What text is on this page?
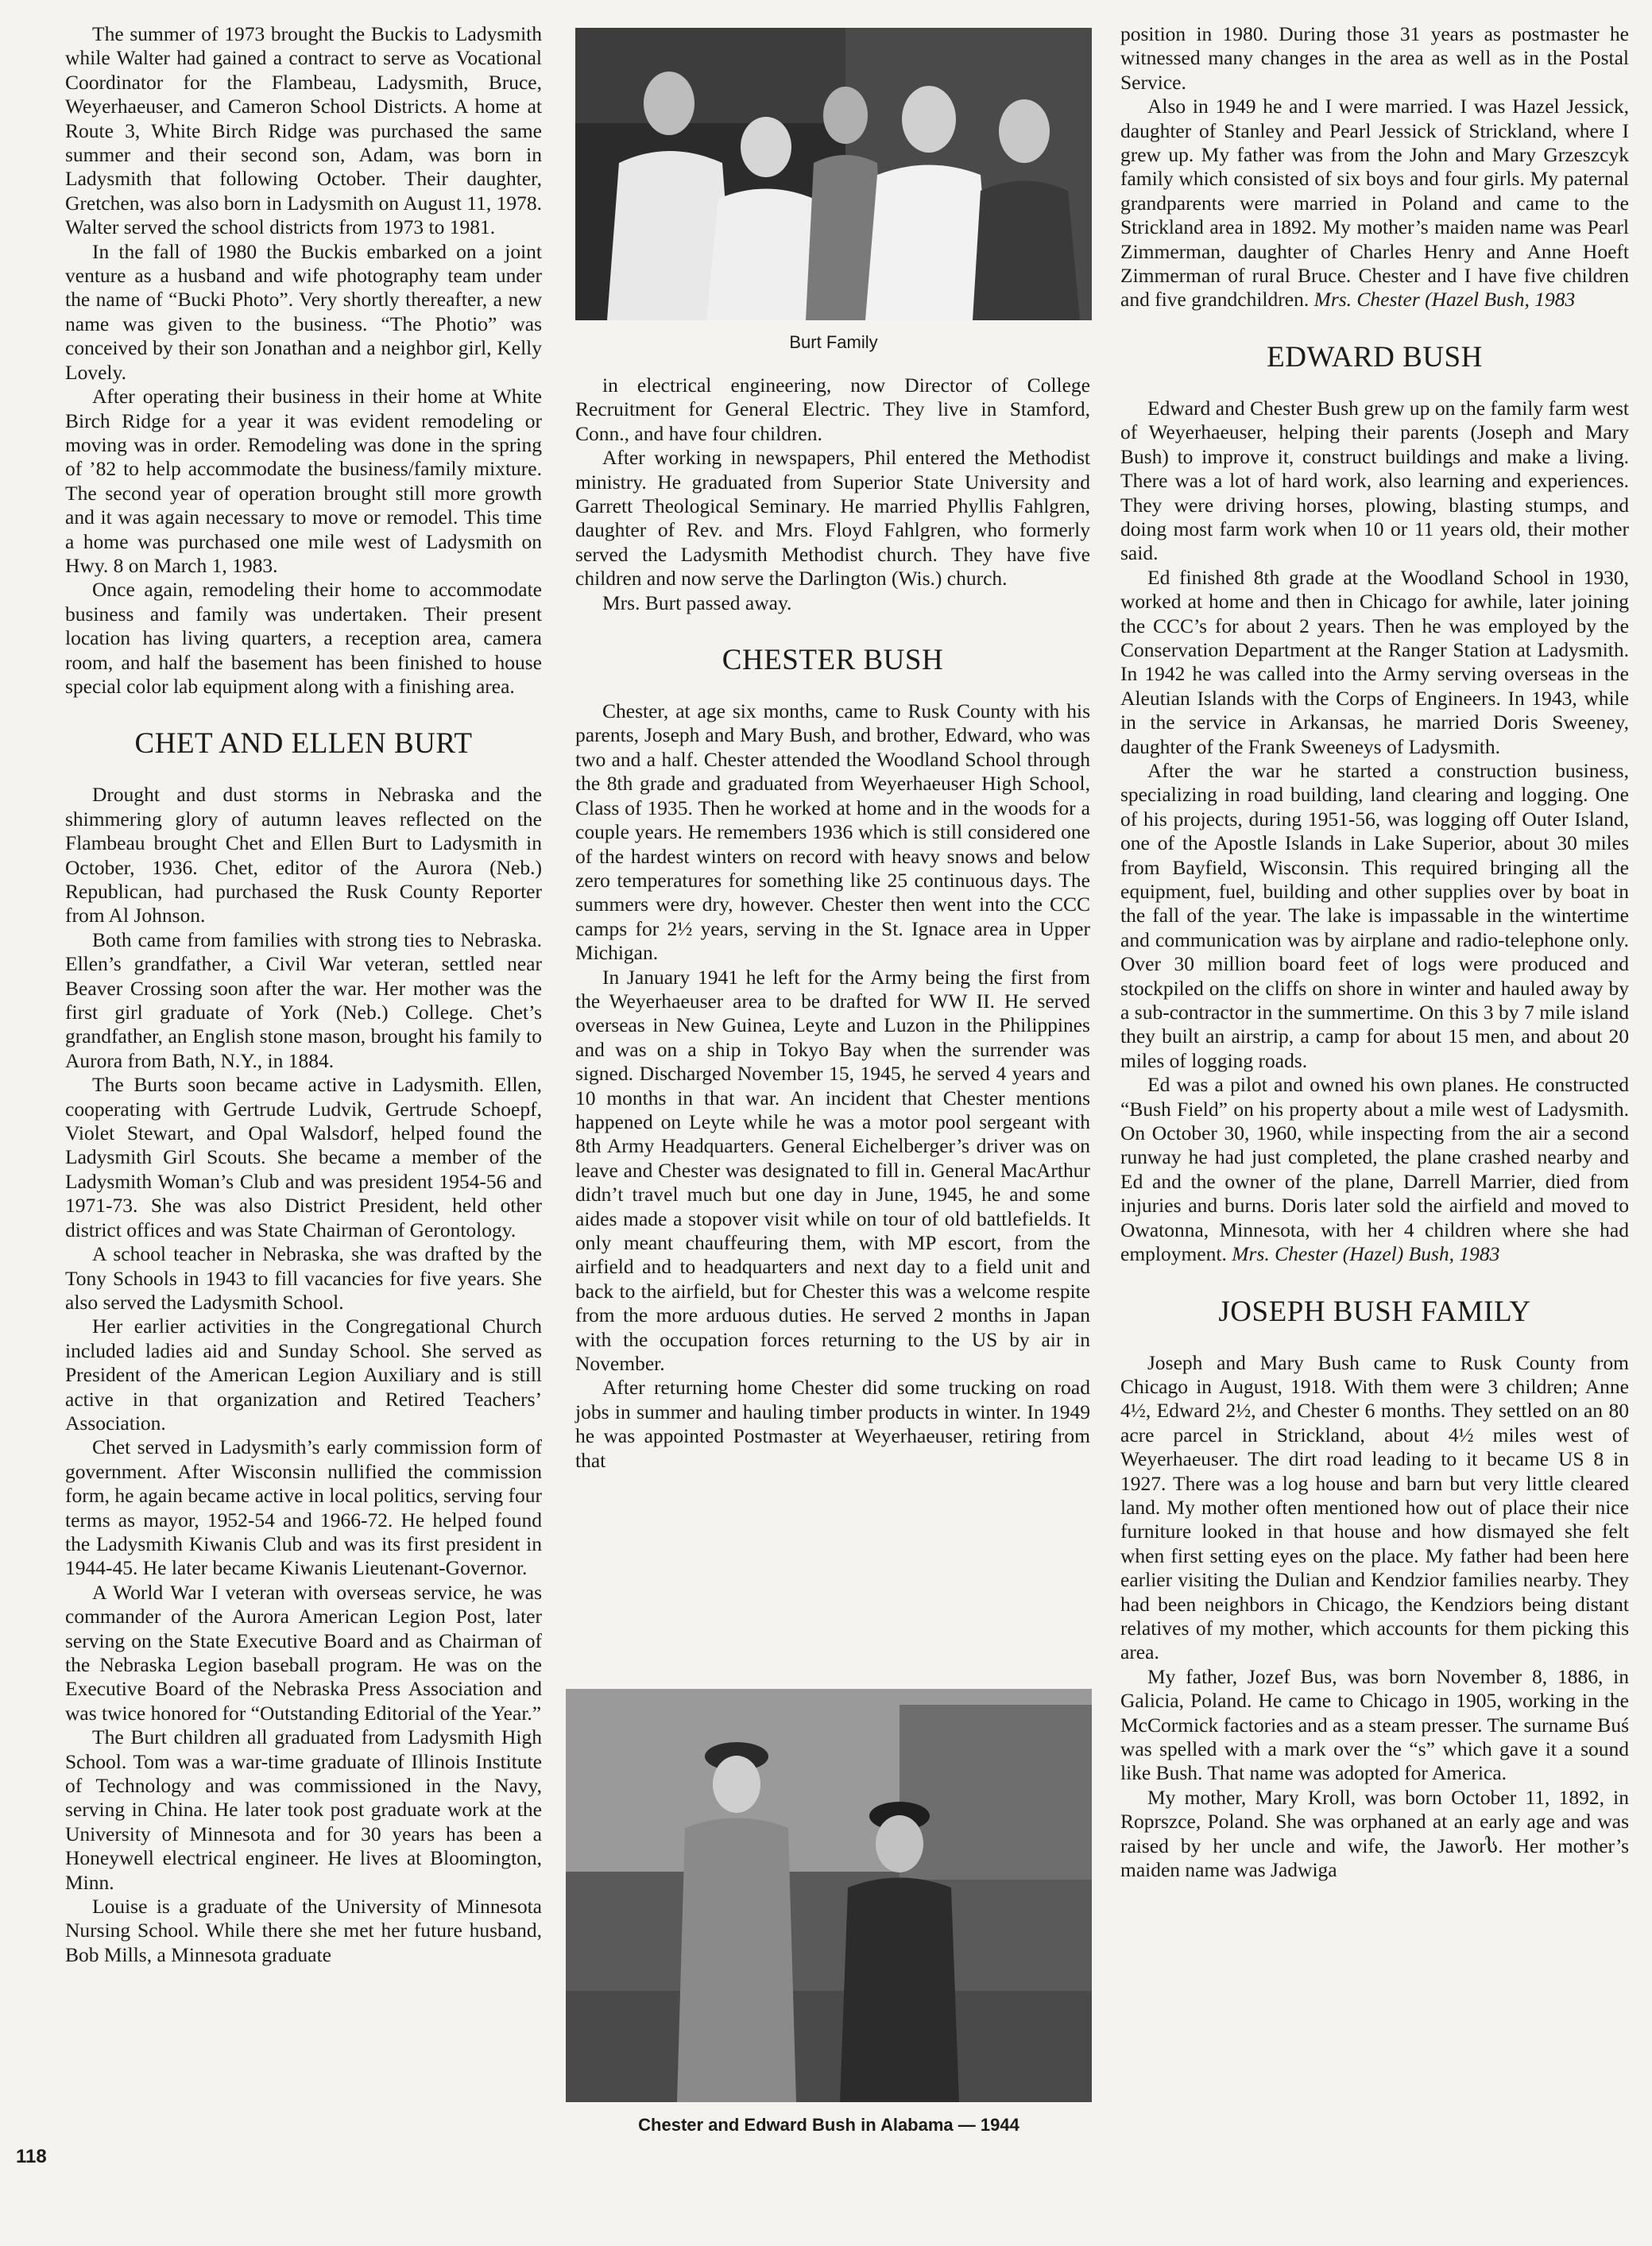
The summer of 1973 brought the Buckis to Ladysmith while Walter had gained a contract to serve as Vocational Coordinator for the Flambeau, Ladysmith, Bruce, Weyerhaeuser, and Cameron School Districts. A home at Route 3, White Birch Ridge was purchased the same summer and their second son, Adam, was born in Ladysmith that following October. Their daughter, Gretchen, was also born in Ladysmith on August 11, 1978. Walter served the school districts from 1973 to 1981.

In the fall of 1980 the Buckis embarked on a joint venture as a husband and wife photography team under the name of “Bucki Photo”. Very shortly thereafter, a new name was given to the business. “The Photio” was conceived by their son Jonathan and a neighbor girl, Kelly Lovely.

After operating their business in their home at White Birch Ridge for a year it was evident remodeling or moving was in order. Remodeling was done in the spring of ’82 to help accommodate the business/family mixture. The second year of operation brought still more growth and it was again necessary to move or remodel. This time a home was purchased one mile west of Ladysmith on Hwy. 8 on March 1, 1983.

Once again, remodeling their home to accommodate business and family was undertaken. Their present location has living quarters, a reception area, camera room, and half the basement has been finished to house special color lab equipment along with a finishing area.

CHET AND ELLEN BURT

Drought and dust storms in Nebraska and the shimmering glory of autumn leaves reflected on the Flambeau brought Chet and Ellen Burt to Ladysmith in October, 1936. Chet, editor of the Aurora (Neb.) Republican, had purchased the Rusk County Reporter from Al Johnson.

Both came from families with strong ties to Nebraska. Ellen’s grandfather, a Civil War veteran, settled near Beaver Crossing soon after the war. Her mother was the first girl graduate of York (Neb.) College. Chet’s grandfather, an English stone mason, brought his family to Aurora from Bath, N.Y., in 1884.

The Burts soon became active in Ladysmith. Ellen, cooperating with Gertrude Ludvik, Gertrude Schoepf, Violet Stewart, and Opal Walsdorf, helped found the Ladysmith Girl Scouts. She became a member of the Ladysmith Woman’s Club and was president 1954-56 and 1971-73. She was also District President, held other district offices and was State Chairman of Gerontology.

A school teacher in Nebraska, she was drafted by the Tony Schools in 1943 to fill vacancies for five years. She also served the Ladysmith School.

Her earlier activities in the Congregational Church included ladies aid and Sunday School. She served as President of the American Legion Auxiliary and is still active in that organization and Retired Teachers’ Association.

Chet served in Ladysmith’s early commission form of government. After Wisconsin nullified the commission form, he again became active in local politics, serving four terms as mayor, 1952-54 and 1966-72. He helped found the Ladysmith Kiwanis Club and was its first president in 1944-45. He later became Kiwanis Lieutenant-Governor.

A World War I veteran with overseas service, he was commander of the Aurora American Legion Post, later serving on the State Executive Board and as Chairman of the Nebraska Legion baseball program. He was on the Executive Board of the Nebraska Press Association and was twice honored for “Outstanding Editorial of the Year.”

The Burt children all graduated from Ladysmith High School. Tom was a war-time graduate of Illinois Institute of Technology and was commissioned in the Navy, serving in China. He later took post graduate work at the University of Minnesota and for 30 years has been a Honeywell electrical engineer. He lives at Bloomington, Minn.

Louise is a graduate of the University of Minnesota Nursing School. While there she met her future husband, Bob Mills, a Minnesota graduate

Burt Family

in electrical engineering, now Director of College Recruitment for General Electric. They live in Stamford, Conn., and have four children.

After working in newspapers, Phil entered the Methodist ministry. He graduated from Superior State University and Garrett Theological Seminary. He married Phyllis Fahlgren, daughter of Rev. and Mrs. Floyd Fahlgren, who formerly served the Ladysmith Methodist church. They have five children and now serve the Darlington (Wis.) church.

Mrs. Burt passed away.

CHESTER BUSH

Chester, at age six months, came to Rusk County with his parents, Joseph and Mary Bush, and brother, Edward, who was two and a half. Chester attended the Woodland School through the 8th grade and graduated from Weyerhaeuser High School, Class of 1935. Then he worked at home and in the woods for a couple years. He remembers 1936 which is still considered one of the hardest winters on record with heavy snows and below zero temperatures for something like 25 continuous days. The summers were dry, however. Chester then went into the CCC camps for 2½ years, serving in the St. Ignace area in Upper Michigan.

In January 1941 he left for the Army being the first from the Weyerhaeuser area to be drafted for WW II. He served overseas in New Guinea, Leyte and Luzon in the Philippines and was on a ship in Tokyo Bay when the surrender was signed. Discharged November 15, 1945, he served 4 years and 10 months in that war. An incident that Chester mentions happened on Leyte while he was a motor pool sergeant with 8th Army Headquarters. General Eichelberger’s driver was on leave and Chester was designated to fill in. General MacArthur didn’t travel much but one day in June, 1945, he and some aides made a stopover visit while on tour of old battlefields. It only meant chauffeuring them, with MP escort, from the airfield and to headquarters and next day to a field unit and back to the airfield, but for Chester this was a welcome respite from the more arduous duties. He served 2 months in Japan with the occupation forces returning to the US by air in November.

After returning home Chester did some trucking on road jobs in summer and hauling timber products in winter. In 1949 he was appointed Postmaster at Weyerhaeuser, retiring from that

Chester and Edward Bush in Alabama — 1944

position in 1980. During those 31 years as postmaster he witnessed many changes in the area as well as in the Postal Service.

Also in 1949 he and I were married. I was Hazel Jessick, daughter of Stanley and Pearl Jessick of Strickland, where I grew up. My father was from the John and Mary Grzeszcyk family which consisted of six boys and four girls. My paternal grandparents were married in Poland and came to the Strickland area in 1892. My mother’s maiden name was Pearl Zimmerman, daughter of Charles Henry and Anne Hoeft Zimmerman of rural Bruce. Chester and I have five children and five grandchildren. Mrs. Chester (Hazel Bush, 1983

EDWARD BUSH

Edward and Chester Bush grew up on the family farm west of Weyerhaeuser, helping their parents (Joseph and Mary Bush) to improve it, construct buildings and make a living. There was a lot of hard work, also learning and experiences. They were driving horses, plowing, blasting stumps, and doing most farm work when 10 or 11 years old, their mother said.

Ed finished 8th grade at the Woodland School in 1930, worked at home and then in Chicago for awhile, later joining the CCC’s for about 2 years. Then he was employed by the Conservation Department at the Ranger Station at Ladysmith. In 1942 he was called into the Army serving overseas in the Aleutian Islands with the Corps of Engineers. In 1943, while in the service in Arkansas, he married Doris Sweeney, daughter of the Frank Sweeneys of Ladysmith.

After the war he started a construction business, specializing in road building, land clearing and logging. One of his projects, during 1951-56, was logging off Outer Island, one of the Apostle Islands in Lake Superior, about 30 miles from Bayfield, Wisconsin. This required bringing all the equipment, fuel, building and other supplies over by boat in the fall of the year. The lake is impassable in the wintertime and communication was by airplane and radio-telephone only. Over 30 million board feet of logs were produced and stockpiled on the cliffs on shore in winter and hauled away by a sub-contractor in the summertime. On this 3 by 7 mile island they built an airstrip, a camp for about 15 men, and about 20 miles of logging roads.

Ed was a pilot and owned his own planes. He constructed “Bush Field” on his property about a mile west of Ladysmith. On October 30, 1960, while inspecting from the air a second runway he had just completed, the plane crashed nearby and Ed and the owner of the plane, Darrell Marrier, died from injuries and burns. Doris later sold the airfield and moved to Owatonna, Minnesota, with her 4 children where she had employment. Mrs. Chester (Hazel) Bush, 1983

JOSEPH BUSH FAMILY

Joseph and Mary Bush came to Rusk County from Chicago in August, 1918. With them were 3 children; Anne 4½, Edward 2½, and Chester 6 months. They settled on an 80 acre parcel in Strickland, about 4½ miles west of Weyerhaeuser. The dirt road leading to it became US 8 in 1927. There was a log house and barn but very little cleared land. My mother often mentioned how out of place their nice furniture looked in that house and how dismayed she felt when first setting eyes on the place. My father had been here earlier visiting the Dulian and Kendzior families nearby. They had been neighbors in Chicago, the Kendziors being distant relatives of my mother, which accounts for them picking this area.

My father, Jozef Bus, was born November 8, 1886, in Galicia, Poland. He came to Chicago in 1905, working in the McCormick factories and as a steam presser. The surname Buś was spelled with a mark over the “s” which gave it a sound like Bush. That name was adopted for America.

My mother, Mary Kroll, was born October 11, 1892, in Roprszce, Poland. She was orphaned at an early age and was raised by her uncle and wife, the Jaworს. Her mother’s maiden name was Jadwiga

118
